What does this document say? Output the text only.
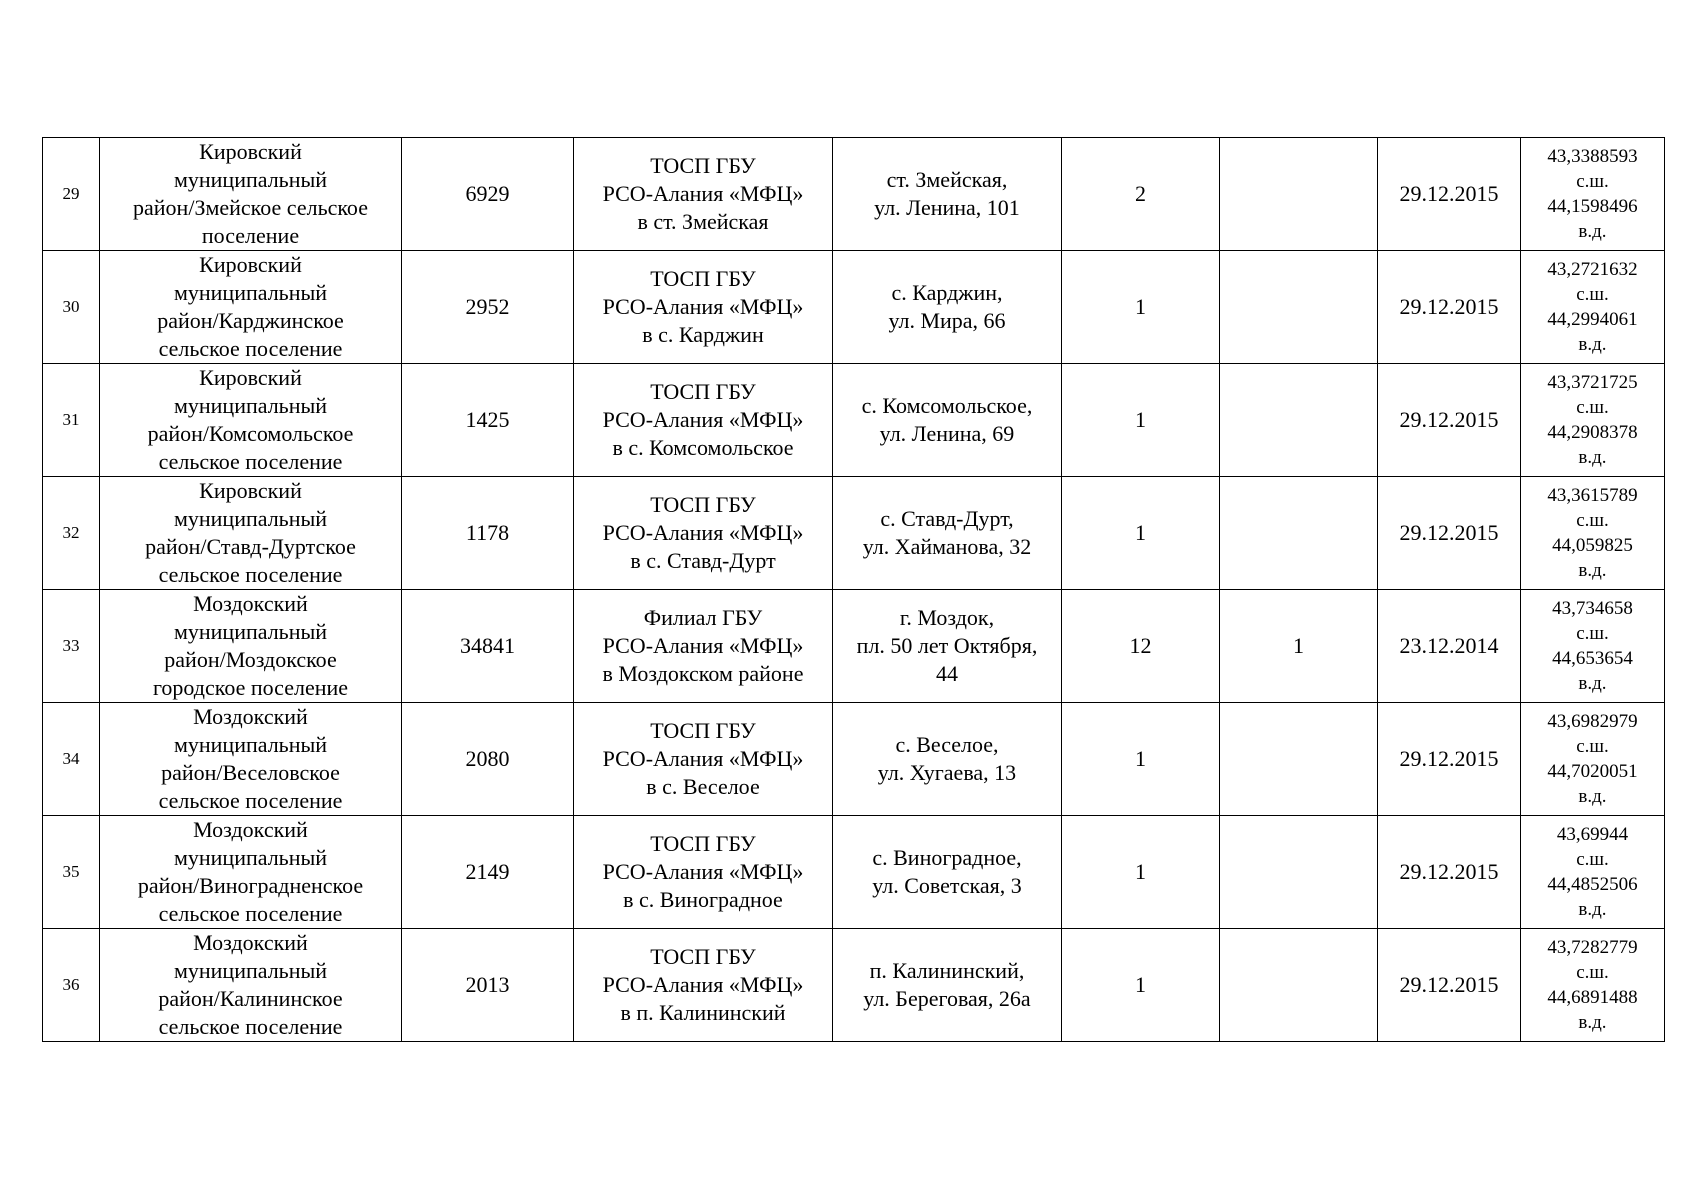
29	Кировский
муниципальный
район/Змейское сельское
поселение	6929	ТОСП ГБУ
РСО-Алания «МФЦ»
в ст. Змейская	ст. Змейская,
ул. Ленина, 101	2		29.12.2015	43,3388593
с.ш.
44,1598496
в.д.
30	Кировский
муниципальный
район/Карджинское
сельское поселение	2952	ТОСП ГБУ
РСО-Алания «МФЦ»
в с. Карджин	с. Карджин,
ул. Мира, 66	1		29.12.2015	43,2721632
с.ш.
44,2994061
в.д.
31	Кировский
муниципальный
район/Комсомольское
сельское поселение	1425	ТОСП ГБУ
РСО-Алания «МФЦ»
в с. Комсомольское	с. Комсомольское,
ул. Ленина, 69	1		29.12.2015	43,3721725
с.ш.
44,2908378
в.д.
32	Кировский
муниципальный
район/Ставд-Дуртское
сельское поселение	1178	ТОСП ГБУ
РСО-Алания «МФЦ»
в с. Ставд-Дурт	с. Ставд-Дурт,
ул. Хайманова, 32	1		29.12.2015	43,3615789
с.ш.
44,059825
в.д.
33	Моздокский
муниципальный
район/Моздокское
городское поселение	34841	Филиал ГБУ
РСО-Алания «МФЦ»
в Моздокском районе	г. Моздок,
пл. 50 лет Октября,
44	12	1	23.12.2014	43,734658
с.ш.
44,653654
в.д.
34	Моздокский
муниципальный
район/Веселовское
сельское поселение	2080	ТОСП ГБУ
РСО-Алания «МФЦ»
в с. Веселое	с. Веселое,
ул. Хугаева, 13	1		29.12.2015	43,6982979
с.ш.
44,7020051
в.д.
35	Моздокский
муниципальный
район/Виноградненское
сельское поселение	2149	ТОСП ГБУ
РСО-Алания «МФЦ»
в с. Виноградное	с. Виноградное,
ул. Советская, 3	1		29.12.2015	43,69944
с.ш.
44,4852506
в.д.
36	Моздокский
муниципальный
район/Калининское
сельское поселение	2013	ТОСП ГБУ
РСО-Алания «МФЦ»
в п. Калининский	п. Калининский,
ул. Береговая, 26а	1		29.12.2015	43,7282779
с.ш.
44,6891488
в.д.
